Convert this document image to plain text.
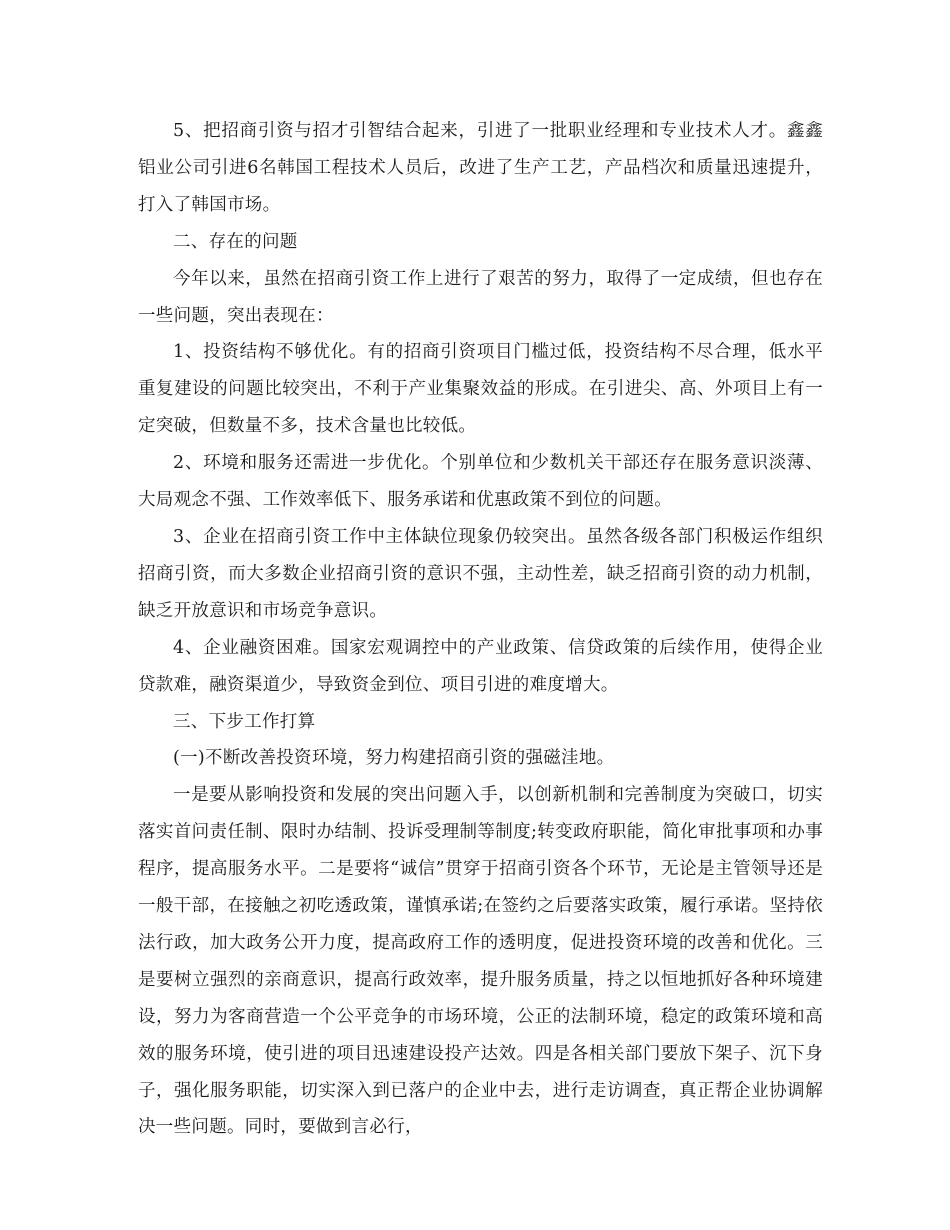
5、把招商引资与招才引智结合起来，引进了一批职业经理和专业技术人才。鑫鑫铝业公司引进6名韩国工程技术人员后，改进了生产工艺，产品档次和质量迅速提升，打入了韩国市场。

二、存在的问题

今年以来，虽然在招商引资工作上进行了艰苦的努力，取得了一定成绩，但也存在一些问题，突出表现在：

1、投资结构不够优化。有的招商引资项目门槛过低，投资结构不尽合理，低水平重复建设的问题比较突出，不利于产业集聚效益的形成。在引进尖、高、外项目上有一定突破，但数量不多，技术含量也比较低。

2、环境和服务还需进一步优化。个别单位和少数机关干部还存在服务意识淡薄、大局观念不强、工作效率低下、服务承诺和优惠政策不到位的问题。

3、企业在招商引资工作中主体缺位现象仍较突出。虽然各级各部门积极运作组织招商引资，而大多数企业招商引资的意识不强，主动性差，缺乏招商引资的动力机制，缺乏开放意识和市场竞争意识。

4、企业融资困难。国家宏观调控中的产业政策、信贷政策的后续作用，使得企业贷款难，融资渠道少，导致资金到位、项目引进的难度增大。

三、下步工作打算

(一)不断改善投资环境，努力构建招商引资的强磁洼地。

一是要从影响投资和发展的突出问题入手，以创新机制和完善制度为突破口，切实落实首问责任制、限时办结制、投诉受理制等制度;转变政府职能，简化审批事项和办事程序，提高服务水平。二是要将“诚信”贯穿于招商引资各个环节，无论是主管领导还是一般干部，在接触之初吃透政策，谨慎承诺;在签约之后要落实政策，履行承诺。坚持依法行政，加大政务公开力度，提高政府工作的透明度，促进投资环境的改善和优化。三是要树立强烈的亲商意识，提高行政效率，提升服务质量，持之以恒地抓好各种环境建设，努力为客商营造一个公平竞争的市场环境，公正的法制环境，稳定的政策环境和高效的服务环境，使引进的项目迅速建设投产达效。四是各相关部门要放下架子、沉下身子，强化服务职能，切实深入到已落户的企业中去，进行走访调查，真正帮企业协调解决一些问题。同时，要做到言必行，
